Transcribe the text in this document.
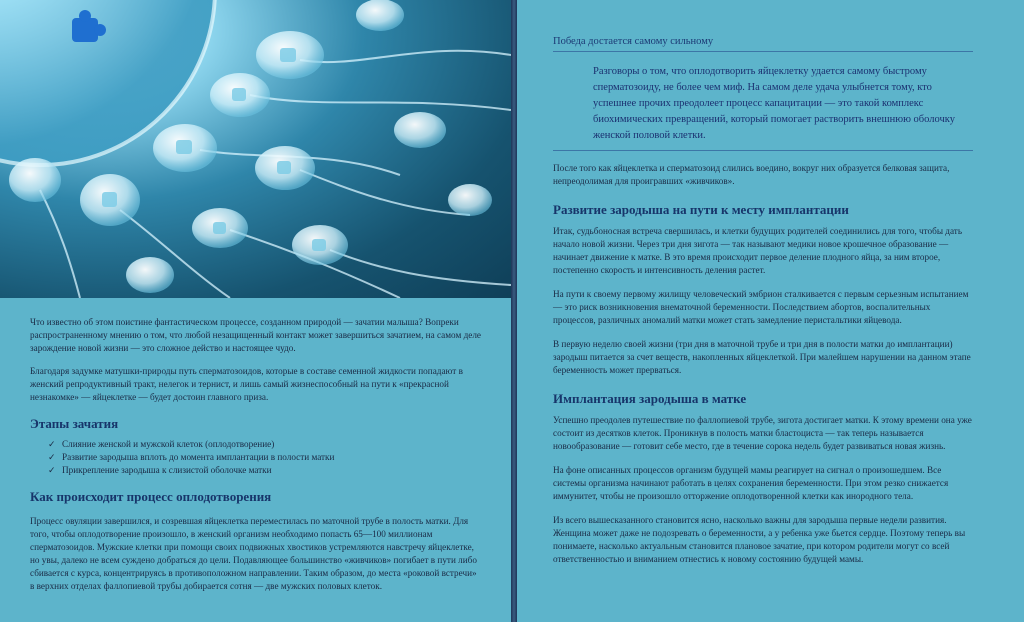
Что известно об этом поистине фантастическом процессе, созданном природой — зачатии малыша? Вопреки распространенному мнению о том, что любой незащищенный контакт может завершиться зачатием, на самом деле зарождение новой жизни — это сложное действо и настоящее чудо.

Благодаря задумке матушки-природы путь сперматозоидов, которые в составе семенной жидкости попадают в женский репродуктивный тракт, нелегок и тернист, и лишь самый жизнеспособный на пути к «прекрасной незнакомке» — яйцеклетке — будет достоин главного приза.

Этапы зачатия
✓ Слияние женской и мужской клеток (оплодотворение)
✓ Развитие зародыша вплоть до момента имплантации в полости матки
✓ Прикрепление зародыша к слизистой оболочке матки
Как происходит процесс оплодотворения

Процесс овуляции завершился, и созревшая яйцеклетка переместилась по маточной трубе в полость матки. Для того, чтобы оплодотворение произошло, в женский организм необходимо попасть 65—100 миллионам сперматозоидов. Мужские клетки при помощи своих подвижных хвостиков устремляются навстречу яйцеклетке, но увы, далеко не всем суждено добраться до цели. Подавляющее большинство «живчиков» погибает в пути либо сбивается с курса, концентрируясь в противоположном направлении. Таким образом, до места «роковой встречи» в верхних отделах фаллопиевой трубы добирается сотня — две мужских половых клеток.

Победа достается самому сильному
Разговоры о том, что оплодотворить яйцеклетку удается самому быстрому сперматозоиду, не более чем миф. На самом деле удача улыбнется тому, кто успешнее прочих преодолеет процесс капацитации — это такой комплекс биохимических превращений, который помогает растворить внешнюю оболочку женской половой клетки.

После того как яйцеклетка и сперматозоид слились воедино, вокруг них образуется белковая защита, непреодолимая для проигравших «живчиков».

Развитие зародыша на пути к месту имплантации

Итак, судьбоносная встреча свершилась, и клетки будущих родителей соединились для того, чтобы дать начало новой жизни. Через три дня зигота — так называют медики новое крошечное образование — начинает движение к матке. В это время происходит первое деление плодного яйца, за ним второе, постепенно скорость и интенсивность деления растет.

На пути к своему первому жилищу человеческий эмбрион сталкивается с первым серьезным испытанием — это риск возникновения внематочной беременности. Последствием абортов, воспалительных процессов, различных аномалий матки может стать замедление перистальтики яйцевода.

В первую неделю своей жизни (три дня в маточной трубе и три дня в полости матки до имплантации) зародыш питается за счет веществ, накопленных яйцеклеткой. При малейшем нарушении на данном этапе беременность может прерваться.

Имплантация зародыша в матке

Успешно преодолев путешествие по фаллопиевой трубе, зигота достигает матки. К этому времени она уже состоит из десятков клеток. Проникнув в полость матки бластоциста — так теперь называется новообразование — готовит себе место, где в течение сорока недель будет развиваться новая жизнь.

На фоне описанных процессов организм будущей мамы реагирует на сигнал о произошедшем. Все системы организма начинают работать в целях сохранения беременности. При этом резко снижается иммунитет, чтобы не произошло отторжение оплодотворенной клетки как инородного тела.

Из всего вышесказанного становится ясно, насколько важны для зародыша первые недели развития. Женщина может даже не подозревать о беременности, а у ребенка уже бьется сердце. Поэтому теперь вы понимаете, насколько актуальным становится плановое зачатие, при котором родители могут со всей ответственностью и вниманием отнестись к новому состоянию будущей мамы.
